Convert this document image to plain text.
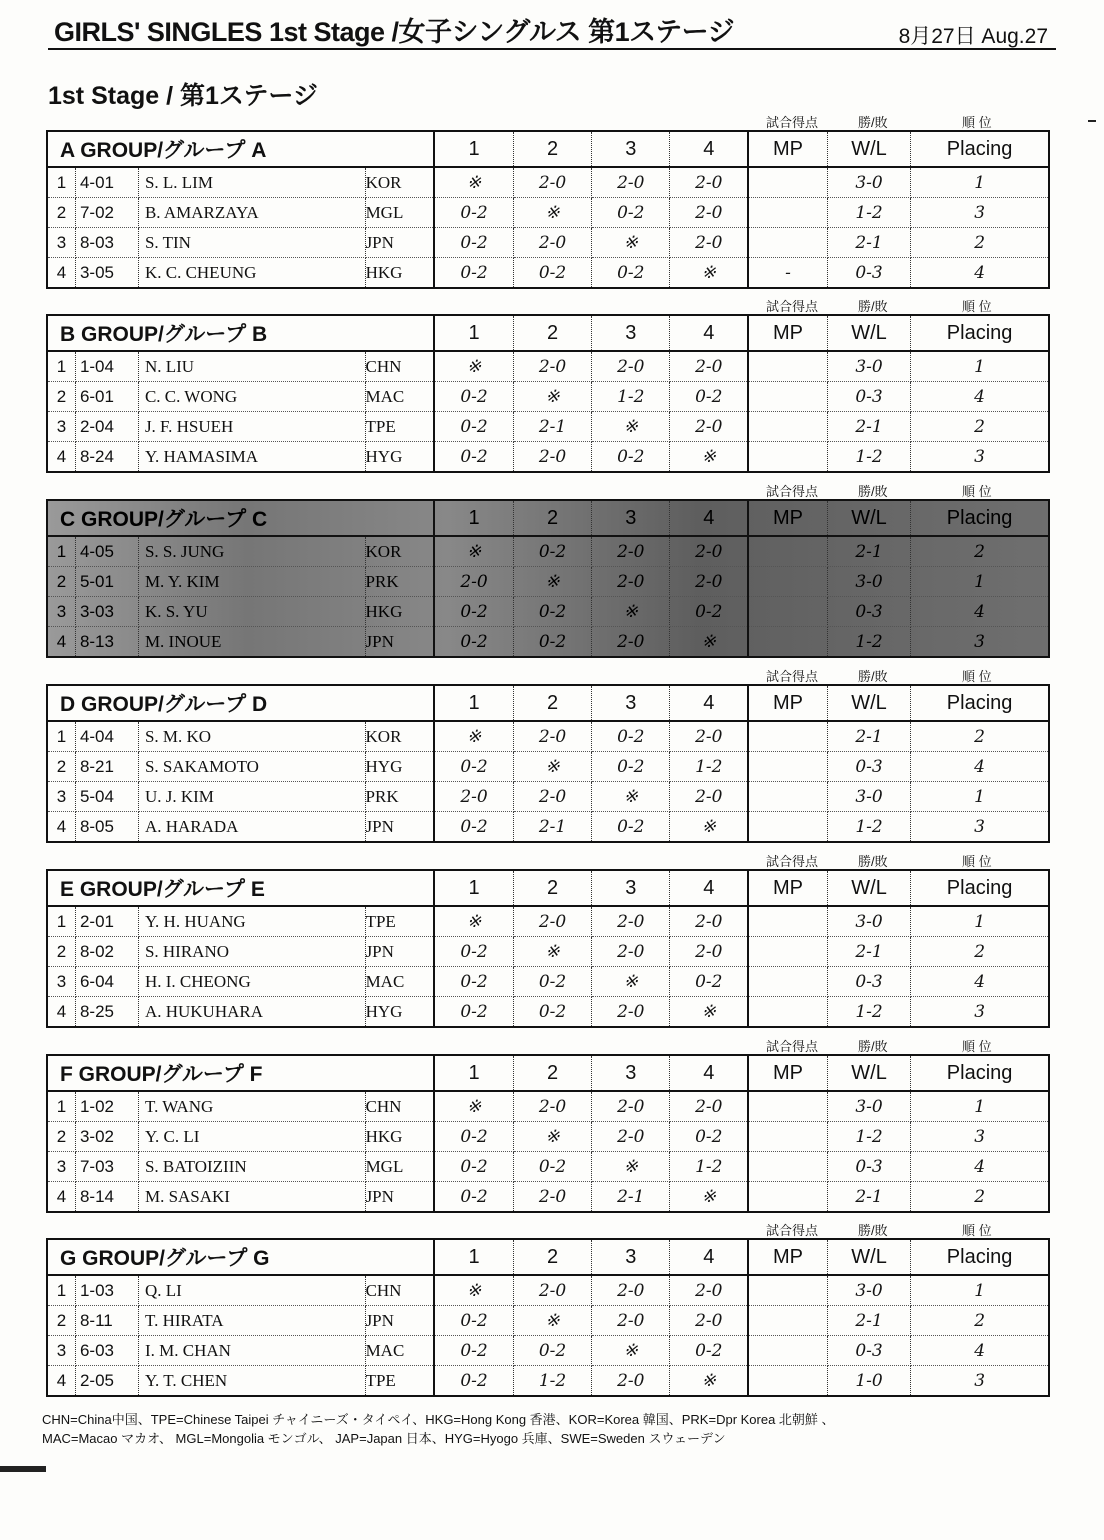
GIRLS' SINGLES 1st Stage /女子シングルス 第1ステージ	8月27日 Aug.27
1st Stage / 第1ステージ
試合得点	勝/敗	順 位
A GROUP/グループ A				1	2	3	4	MP	W/L	Placing
1	4-01	S. L. LIM	KOR	※	2-0	2-0	2-0		3-0	1
2	7-02	B. AMARZAYA	MGL	0-2	※	0-2	2-0		1-2	3
3	8-03	S. TIN	JPN	0-2	2-0	※	2-0		2-1	2
4	3-05	K. C. CHEUNG	HKG	0-2	0-2	0-2	※	-	0-3	4
試合得点	勝/敗	順 位
B GROUP/グループ B				1	2	3	4	MP	W/L	Placing
1	1-04	N. LIU	CHN	※	2-0	2-0	2-0		3-0	1
2	6-01	C. C. WONG	MAC	0-2	※	1-2	0-2		0-3	4
3	2-04	J. F. HSUEH	TPE	0-2	2-1	※	2-0		2-1	2
4	8-24	Y. HAMASIMA	HYG	0-2	2-0	0-2	※		1-2	3
試合得点	勝/敗	順 位
C GROUP/グループ C				1	2	3	4	MP	W/L	Placing
1	4-05	S. S. JUNG	KOR	※	0-2	2-0	2-0		2-1	2
2	5-01	M. Y. KIM	PRK	2-0	※	2-0	2-0		3-0	1
3	3-03	K. S. YU	HKG	0-2	0-2	※	0-2		0-3	4
4	8-13	M. INOUE	JPN	0-2	0-2	2-0	※		1-2	3
試合得点	勝/敗	順 位
D GROUP/グループ D				1	2	3	4	MP	W/L	Placing
1	4-04	S. M. KO	KOR	※	2-0	0-2	2-0		2-1	2
2	8-21	S. SAKAMOTO	HYG	0-2	※	0-2	1-2		0-3	4
3	5-04	U. J. KIM	PRK	2-0	2-0	※	2-0		3-0	1
4	8-05	A. HARADA	JPN	0-2	2-1	0-2	※		1-2	3
試合得点	勝/敗	順 位
E GROUP/グループ E				1	2	3	4	MP	W/L	Placing
1	2-01	Y. H. HUANG	TPE	※	2-0	2-0	2-0		3-0	1
2	8-02	S. HIRANO	JPN	0-2	※	2-0	2-0		2-1	2
3	6-04	H. I. CHEONG	MAC	0-2	0-2	※	0-2		0-3	4
4	8-25	A. HUKUHARA	HYG	0-2	0-2	2-0	※		1-2	3
試合得点	勝/敗	順 位
F GROUP/グループ F				1	2	3	4	MP	W/L	Placing
1	1-02	T. WANG	CHN	※	2-0	2-0	2-0		3-0	1
2	3-02	Y. C. LI	HKG	0-2	※	2-0	0-2		1-2	3
3	7-03	S. BATOIZIIN	MGL	0-2	0-2	※	1-2		0-3	4
4	8-14	M. SASAKI	JPN	0-2	2-0	2-1	※		2-1	2
試合得点	勝/敗	順 位
G GROUP/グループ G				1	2	3	4	MP	W/L	Placing
1	1-03	Q. LI	CHN	※	2-0	2-0	2-0		3-0	1
2	8-11	T. HIRATA	JPN	0-2	※	2-0	2-0		2-1	2
3	6-03	I. M. CHAN	MAC	0-2	0-2	※	0-2		0-3	4
4	2-05	Y. T. CHEN	TPE	0-2	1-2	2-0	※		1-0	3
CHN=China中国、TPE=Chinese Taipei チャイニーズ・タイペイ、HKG=Hong Kong 香港、KOR=Korea 韓国、PRK=Dpr Korea 北朝鮮 、
MAC=Macao マカオ、 MGL=Mongolia モンゴル、 JAP=Japan 日本、HYG=Hyogo 兵庫、SWE=Sweden スウェーデン
